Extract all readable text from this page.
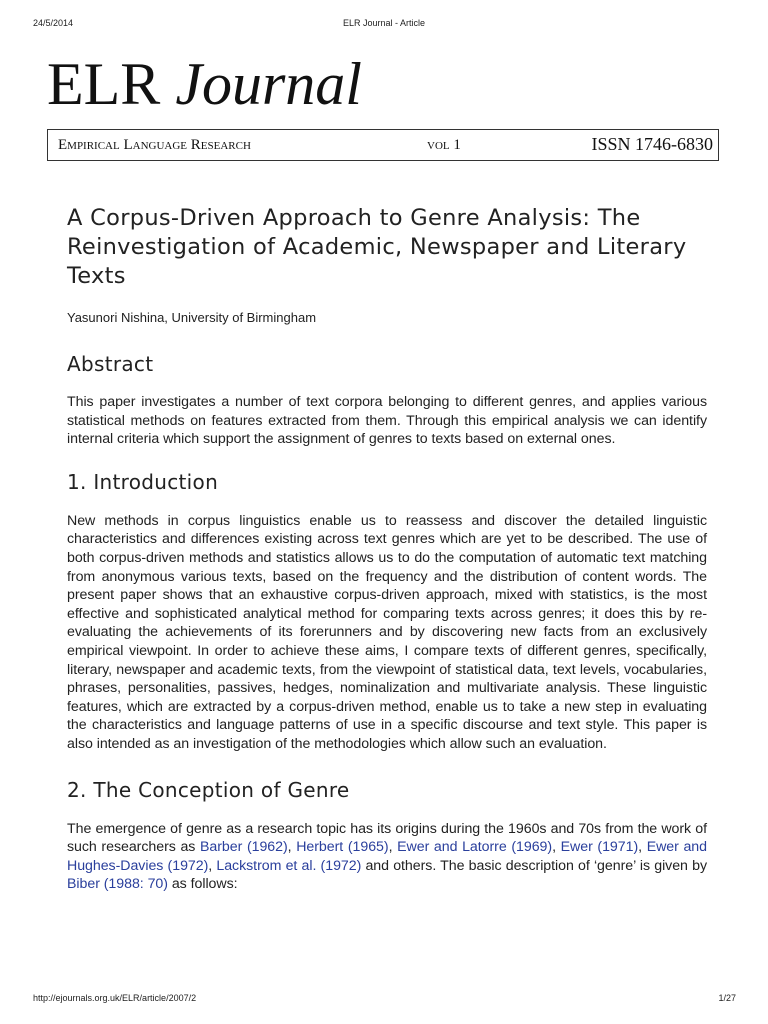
24/5/2014	ELR Journal - Article
ELR Journal
Empirical Language Research	vol 1	ISSN 1746-6830
A Corpus-Driven Approach to Genre Analysis: The Reinvestigation of Academic, Newspaper and Literary Texts

Yasunori Nishina, University of Birmingham

Abstract

This paper investigates a number of text corpora belonging to different genres, and applies various statistical methods on features extracted from them. Through this empirical analysis we can identify internal criteria which support the assignment of genres to texts based on external ones.

1. Introduction

New methods in corpus linguistics enable us to reassess and discover the detailed linguistic characteristics and differences existing across text genres which are yet to be described. The use of both corpus-driven methods and statistics allows us to do the computation of automatic text matching from anonymous various texts, based on the frequency and the distribution of content words. The present paper shows that an exhaustive corpus-driven approach, mixed with statistics, is the most effective and sophisticated analytical method for comparing texts across genres; it does this by re-evaluating the achievements of its forerunners and by discovering new facts from an exclusively empirical viewpoint. In order to achieve these aims, I compare texts of different genres, specifically, literary, newspaper and academic texts, from the viewpoint of statistical data, text levels, vocabularies, phrases, personalities, passives, hedges, nominalization and multivariate analysis. These linguistic features, which are extracted by a corpus-driven method, enable us to take a new step in evaluating the characteristics and language patterns of use in a specific discourse and text style. This paper is also intended as an investigation of the methodologies which allow such an evaluation.

2. The Conception of Genre

The emergence of genre as a research topic has its origins during the 1960s and 70s from the work of such researchers as Barber (1962), Herbert (1965), Ewer and Latorre (1969), Ewer (1971), Ewer and Hughes-Davies (1972), Lackstrom et al. (1972) and others. The basic description of ‘genre’ is given by Biber (1988: 70) as follows:

http://ejournals.org.uk/ELR/article/2007/2	1/27
